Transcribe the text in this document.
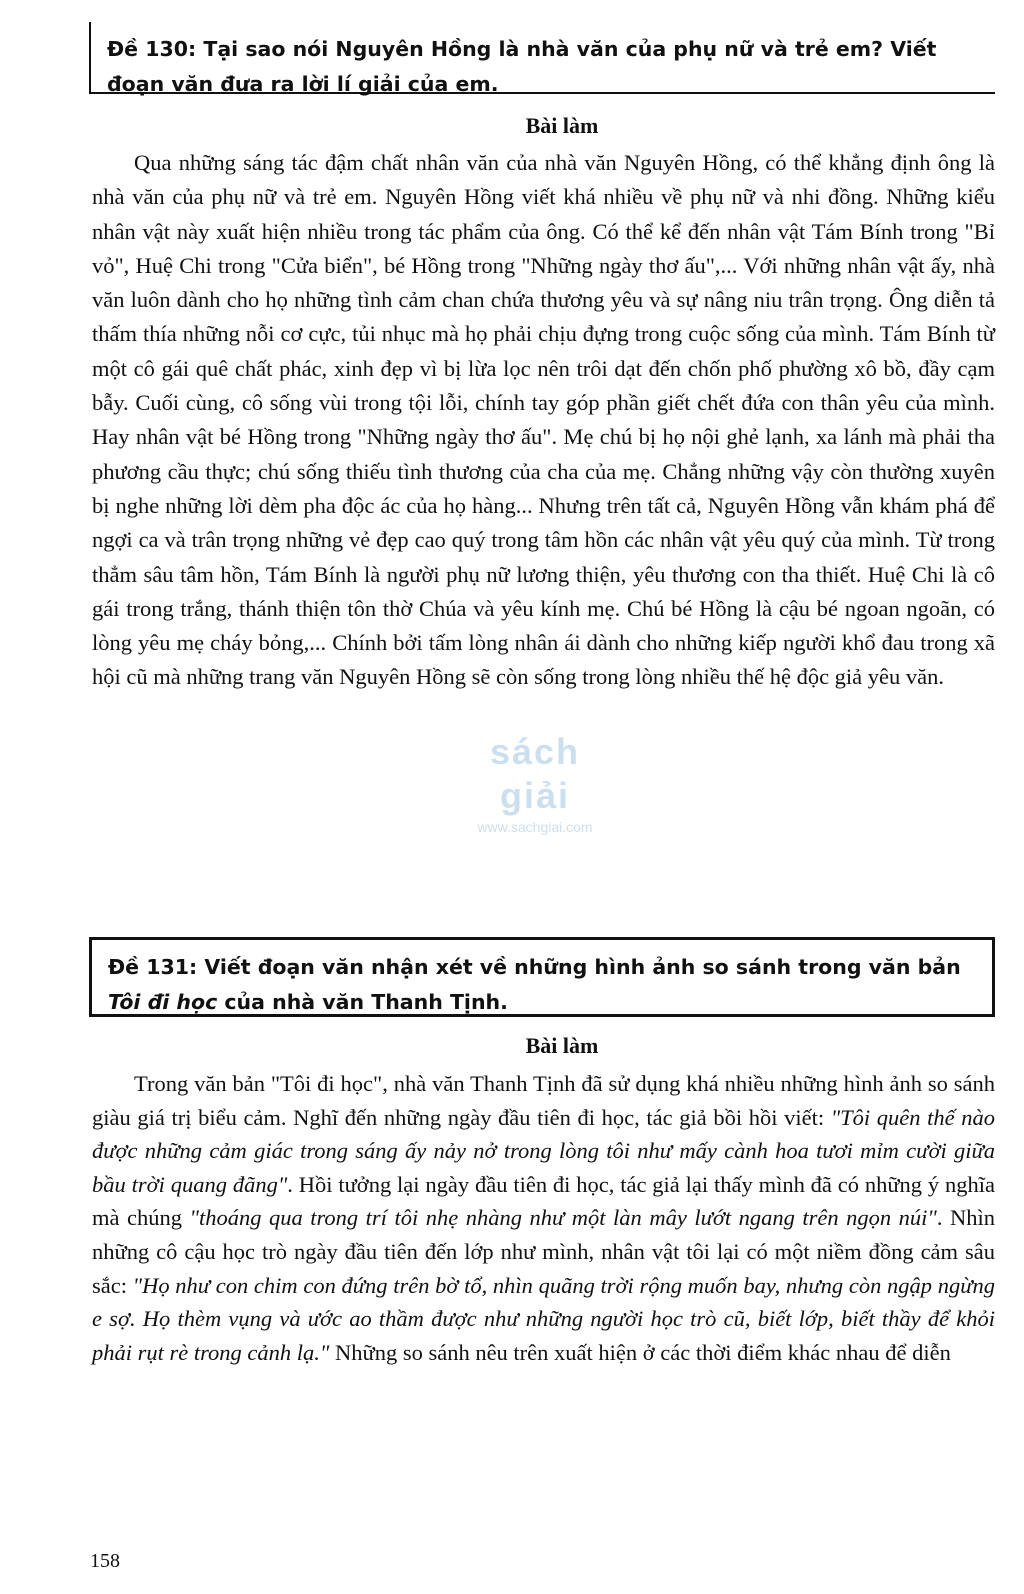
Đề 130: Tại sao nói Nguyên Hồng là nhà văn của phụ nữ và trẻ em? Viết đoạn văn đưa ra lời lí giải của em.
Bài làm
Qua những sáng tác đậm chất nhân văn của nhà văn Nguyên Hồng, có thể khẳng định ông là nhà văn của phụ nữ và trẻ em. Nguyên Hồng viết khá nhiều về phụ nữ và nhi đồng. Những kiểu nhân vật này xuất hiện nhiều trong tác phẩm của ông. Có thể kể đến nhân vật Tám Bính trong "Bỉ vỏ", Huệ Chi trong "Cửa biển", bé Hồng trong "Những ngày thơ ấu",... Với những nhân vật ấy, nhà văn luôn dành cho họ những tình cảm chan chứa thương yêu và sự nâng niu trân trọng. Ông diễn tả thấm thía những nỗi cơ cực, tủi nhục mà họ phải chịu đựng trong cuộc sống của mình. Tám Bính từ một cô gái quê chất phác, xinh đẹp vì bị lừa lọc nên trôi dạt đến chốn phố phường xô bồ, đầy cạm bẫy. Cuối cùng, cô sống vùi trong tội lỗi, chính tay góp phần giết chết đứa con thân yêu của mình. Hay nhân vật bé Hồng trong "Những ngày thơ ấu". Mẹ chú bị họ nội ghẻ lạnh, xa lánh mà phải tha phương cầu thực; chú sống thiếu tình thương của cha của mẹ. Chẳng những vậy còn thường xuyên bị nghe những lời dèm pha độc ác của họ hàng... Nhưng trên tất cả, Nguyên Hồng vẫn khám phá để ngợi ca và trân trọng những vẻ đẹp cao quý trong tâm hồn các nhân vật yêu quý của mình. Từ trong thẳm sâu tâm hồn, Tám Bính là người phụ nữ lương thiện, yêu thương con tha thiết. Huệ Chi là cô gái trong trắng, thánh thiện tôn thờ Chúa và yêu kính mẹ. Chú bé Hồng là cậu bé ngoan ngoãn, có lòng yêu mẹ cháy bỏng,... Chính bởi tấm lòng nhân ái dành cho những kiếp người khổ đau trong xã hội cũ mà những trang văn Nguyên Hồng sẽ còn sống trong lòng nhiều thế hệ độc giả yêu văn.
sách giải
www.sachgiai.com
Đề 131: Viết đoạn văn nhận xét về những hình ảnh so sánh trong văn bản Tôi đi học của nhà văn Thanh Tịnh.
Bài làm
Trong văn bản "Tôi đi học", nhà văn Thanh Tịnh đã sử dụng khá nhiều những hình ảnh so sánh giàu giá trị biểu cảm. Nghĩ đến những ngày đầu tiên đi học, tác giả bồi hồi viết: "Tôi quên thế nào được những cảm giác trong sáng ấy nảy nở trong lòng tôi như mấy cành hoa tươi mỉm cười giữa bầu trời quang đãng". Hồi tưởng lại ngày đầu tiên đi học, tác giả lại thấy mình đã có những ý nghĩa mà chúng "thoáng qua trong trí tôi nhẹ nhàng như một làn mây lướt ngang trên ngọn núi". Nhìn những cô cậu học trò ngày đầu tiên đến lớp như mình, nhân vật tôi lại có một niềm đồng cảm sâu sắc: "Họ như con chim con đứng trên bờ tổ, nhìn quãng trời rộng muốn bay, nhưng còn ngập ngừng e sợ. Họ thèm vụng và ước ao thầm được như những người học trò cũ, biết lớp, biết thầy để khỏi phải rụt rè trong cảnh lạ." Những so sánh nêu trên xuất hiện ở các thời điểm khác nhau để diễn
158
